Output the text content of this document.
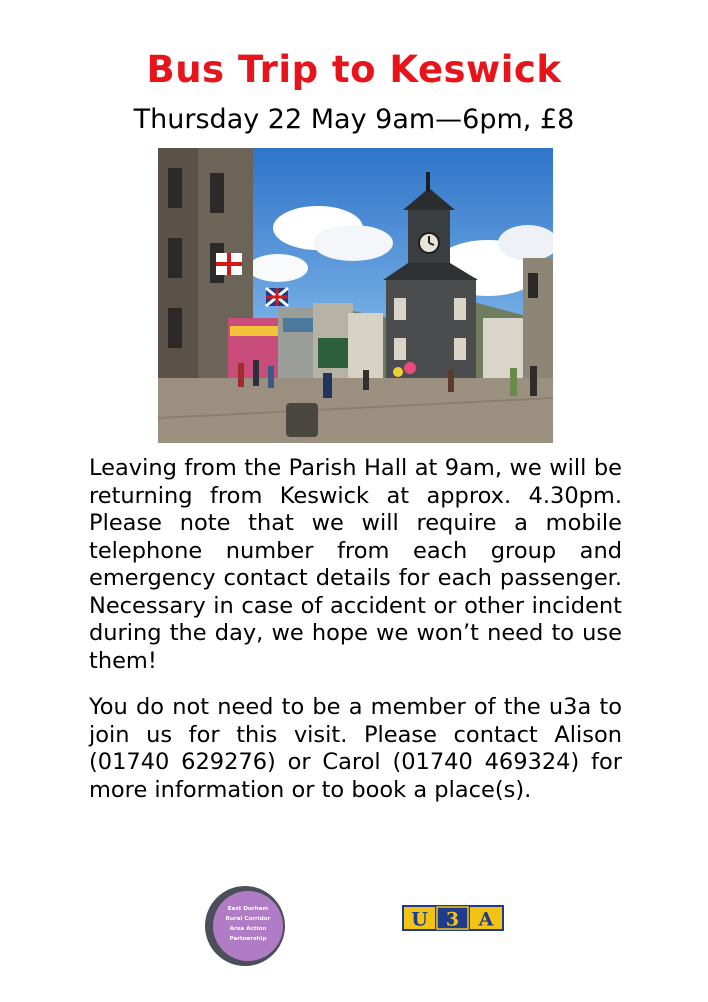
Bus Trip to Keswick
Thursday 22 May 9am—6pm, £8

Leaving from the Parish Hall at 9am, we will be returning from Keswick at approx. 4.30pm. Please note that we will require a mobile telephone number from each group and emergency contact details for each passenger. Necessary in case of accident or other incident during the day, we hope we won’t need to use them!

You do not need to be a member of the u3a to join us for this visit. Please contact Alison (01740 629276) or Carol (01740 469324) for more information or to book a place(s).

East Durham
Rural Corridor
Area Action
Partnership
U 3 A
